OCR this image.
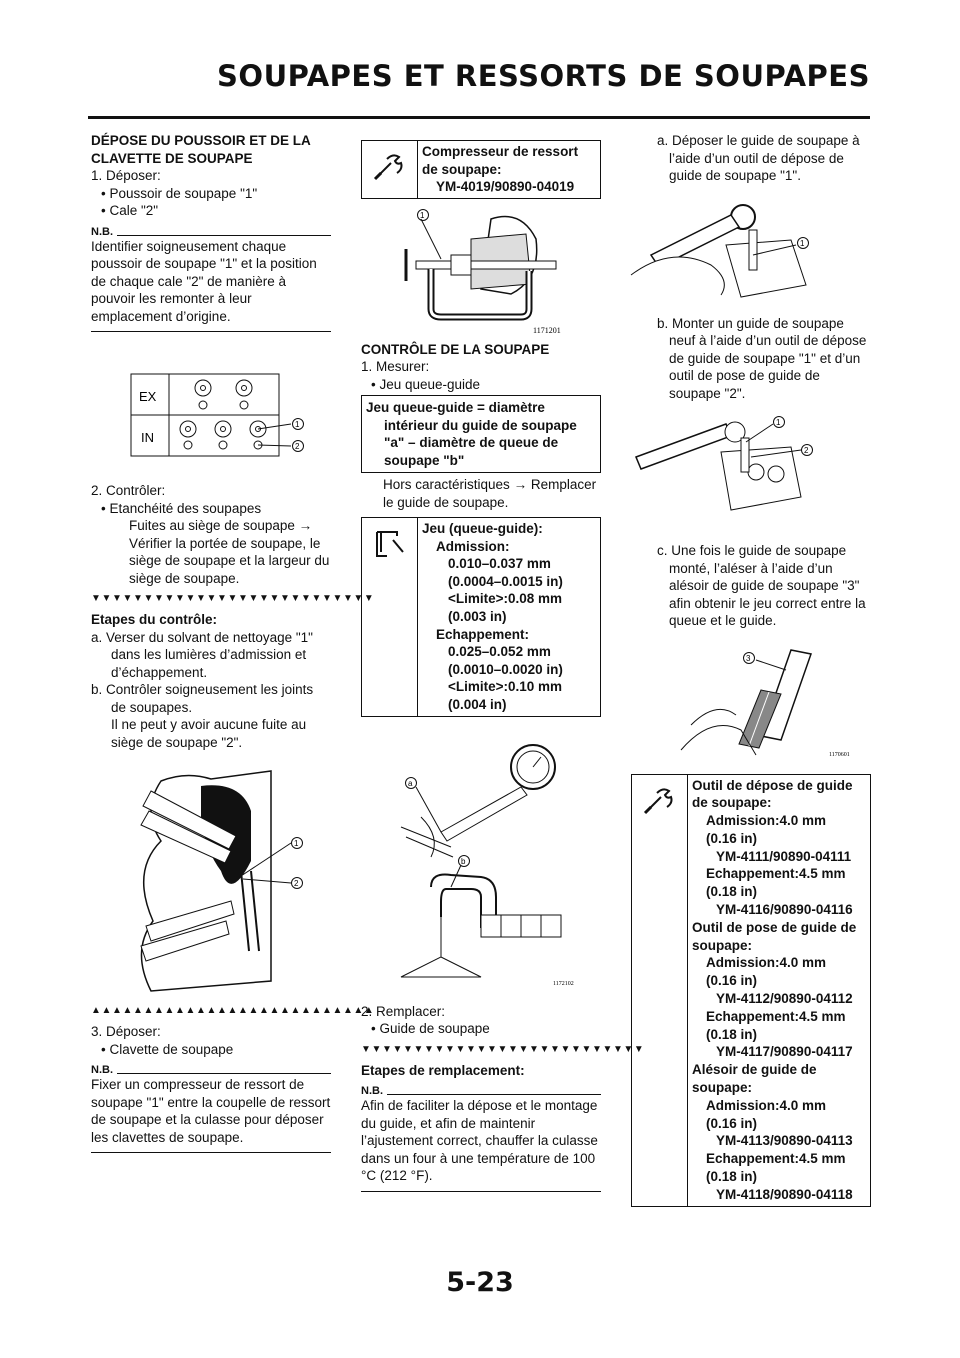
SOUPAPES ET RESSORTS DE SOUPAPES
DÉPOSE DU POUSSOIR ET DE LA CLAVETTE DE SOUPAPE
1. Déposer:
• Poussoir de soupape "1"
• Cale "2"
N.B.
Identifier soigneusement chaque poussoir de soupape "1" et la position de chaque cale "2" de manière à pouvoir les remonter à leur emplacement d’origine.
EX
IN
1
2
2. Contrôler:
• Etanchéité des soupapes
Fuites au siège de soupape → Vérifier la portée de soupape, le siège de soupape et la largeur du siège de soupape.
▼▼▼▼▼▼▼▼▼▼▼▼▼▼▼▼▼▼▼▼▼▼▼▼▼▼▼
Etapes du contrôle:
a. Verser du solvant de nettoyage "1" dans les lumières d’admission et d’échappement.
b. Contrôler soigneusement les joints de soupapes.
Il ne peut y avoir aucune fuite au siège de soupape "2".
1
2
▲▲▲▲▲▲▲▲▲▲▲▲▲▲▲▲▲▲▲▲▲▲▲▲▲▲▲
3. Déposer:
• Clavette de soupape
N.B.
Fixer un compresseur de ressort de soupape "1" entre la coupelle de ressort de soupape et la culasse pour déposer les clavettes de soupape.
Compresseur de ressort de soupape:
YM-4019/90890-04019
1
1171201
CONTRÔLE DE LA SOUPAPE
1. Mesurer:
• Jeu queue-guide
Jeu queue-guide = diamètre intérieur du guide de soupape "a" – diamètre de queue de soupape "b"
Hors caractéristiques → Remplacer le guide de soupape.
Jeu (queue-guide):
Admission:
0.010–0.037 mm
(0.0004–0.0015 in)
<Limite>:0.08 mm
(0.003 in)
Echappement:
0.025–0.052 mm
(0.0010–0.0020 in)
<Limite>:0.10 mm
(0.004 in)
a
b
1172102
2. Remplacer:
• Guide de soupape
▼▼▼▼▼▼▼▼▼▼▼▼▼▼▼▼▼▼▼▼▼▼▼▼▼▼▼
Etapes de remplacement:
N.B.
Afin de faciliter la dépose et le montage du guide, et afin de maintenir l’ajustement correct, chauffer la culasse dans un four à une température de 100 °C (212 °F).
a. Déposer le guide de soupape à l’aide d’un outil de dépose de guide de soupape "1".
1
b. Monter un guide de soupape neuf à l’aide d’un outil de dépose de guide de soupape "1" et d’un outil de pose de guide de soupape "2".
1
2
c. Une fois le guide de soupape monté, l’aléser à l’aide d’un alésoir de guide de soupape "3" afin obtenir le jeu correct entre la queue et le guide.
3
1170601
Outil de dépose de guide de soupape:
Admission:4.0 mm
(0.16 in)
YM-4111/90890-04111
Echappement:4.5 mm
(0.18 in)
YM-4116/90890-04116
Outil de pose de guide de soupape:
Admission:4.0 mm
(0.16 in)
YM-4112/90890-04112
Echappement:4.5 mm
(0.18 in)
YM-4117/90890-04117
Alésoir de guide de soupape:
Admission:4.0 mm
(0.16 in)
YM-4113/90890-04113
Echappement:4.5 mm
(0.18 in)
YM-4118/90890-04118
5-23
